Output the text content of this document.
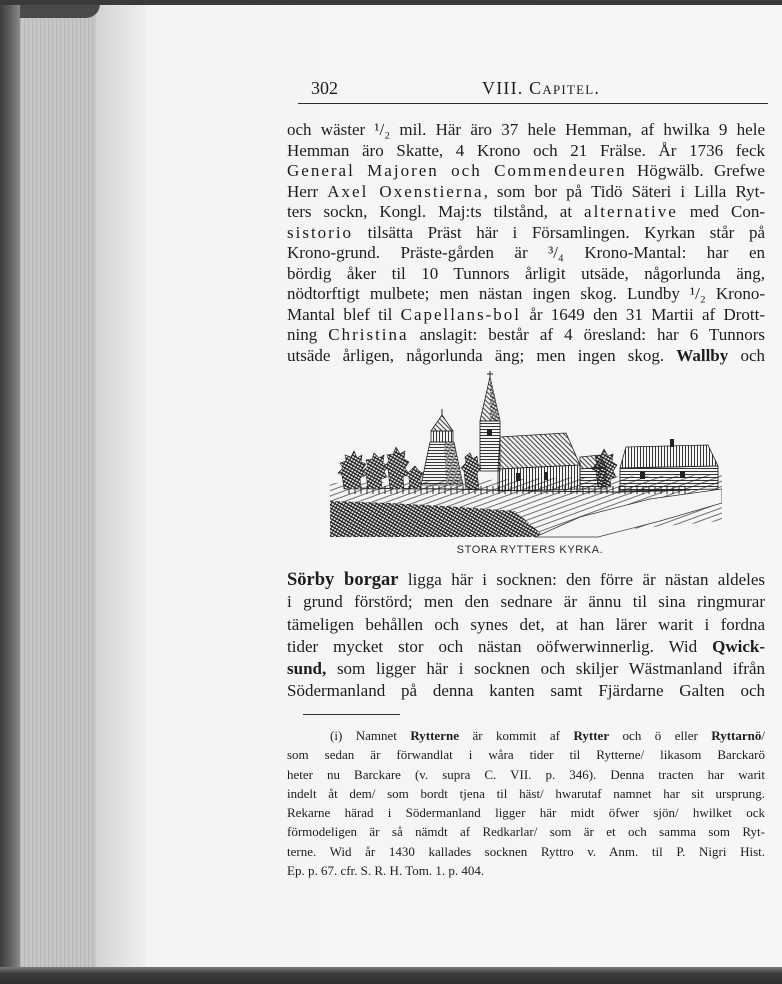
302	VIII. Capitel.
och wäster ¹/₂ mil. Här äro 37 hele Hemman, af hwilka 9 hele
Hemman äro Skatte, 4 Krono och 21 Frälse. År 1736 feck
General Majoren och Commendeuren Högwälb. Grefwe
Herr Axel Oxenstierna, som bor på Tidö Säteri i Lilla Ryt-
ters sockn, Kongl. Maj:ts tilstånd, at alternative med Con-
sistorio tilsätta Präst här i Församlingen. Kyrkan står på
Krono-grund. Präste-gården är ³/₄ Krono-Mantal: har en
bördig åker til 10 Tunnors årligit utsäde, någorlunda äng,
nödtorftigt mulbete; men nästan ingen skog. Lundby ¹/₂ Krono-
Mantal blef til Capellans-bol år 1649 den 31 Martii af Drott-
ning Christina anslagit: består af 4 öresland: har 6 Tunnors
utsäde årligen, någorlunda äng; men ingen skog. Wallby och
STORA RYTTERS KYRKA.
Sörby borgar ligga här i socknen: den förre är nästan aldeles
i grund förstörd; men den sednare är ännu til sina ringmurar
tämeligen behållen och synes det, at han lärer warit i fordna
tider mycket stor och nästan oöfwerwinnerlig. Wid Qwick-
sund, som ligger här i socknen och skiljer Wästmanland ifrån
Södermanland på denna kanten samt Fjärdarne Galten och
(i) Namnet Rytterne är kommit af Rytter och ö eller Ryttarnö/
som sedan är förwandlat i wåra tider til Rytterne/ likasom Barckarö
heter nu Barckare (v. supra C. VII. p. 346). Denna tracten har warit
indelt åt dem/ som bordt tjena til häst/ hwarutaf namnet har sit ursprung.
Rekarne härad i Södermanland ligger här midt öfwer sjön/ hwilket ock
förmodeligen är så nämdt af Redkarlar/ som är et och samma som Ryt-
terne. Wid år 1430 kallades socknen Ryttro v. Anm. til P. Nigri Hist.
Ep. p. 67. cfr. S. R. H. Tom. 1. p. 404.
